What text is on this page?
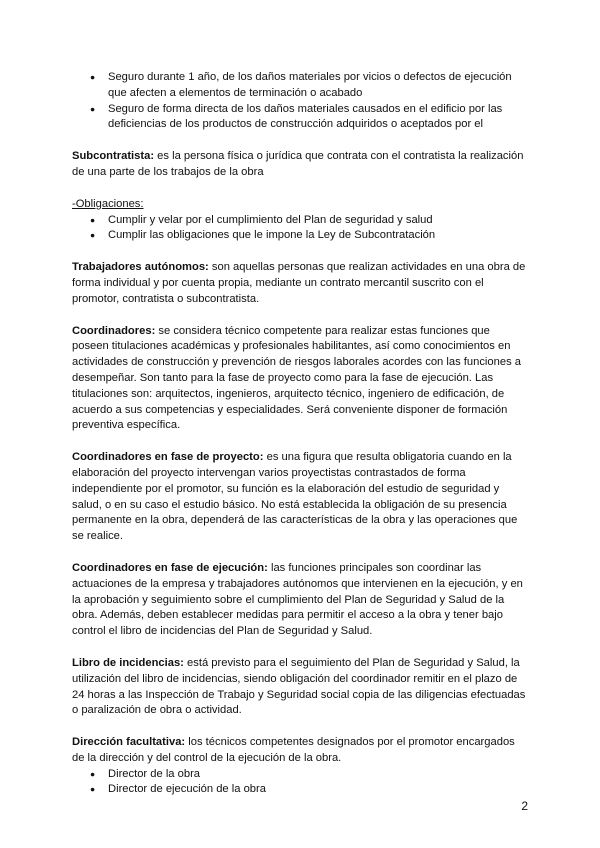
● Seguro durante 1 año, de los daños materiales por vicios o defectos de ejecución que afecten a elementos de terminación o acabado
● Seguro de forma directa de los daños materiales causados en el edificio por las deficiencias de los productos de construcción adquiridos o aceptados por el

Subcontratista: es la persona física o jurídica que contrata con el contratista la realización de una parte de los trabajos de la obra

-Obligaciones:

● Cumplir y velar por el cumplimiento del Plan de seguridad y salud
● Cumplir las obligaciones que le impone la Ley de Subcontratación

Trabajadores autónomos: son aquellas personas que realizan actividades en una obra de forma individual y por cuenta propia, mediante un contrato mercantil suscrito con el promotor, contratista o subcontratista.

Coordinadores: se considera técnico competente para realizar estas funciones que poseen titulaciones académicas y profesionales habilitantes, así como conocimientos en actividades de construcción y prevención de riesgos laborales acordes con las funciones a desempeñar. Son tanto para la fase de proyecto como para la fase de ejecución. Las titulaciones son: arquitectos, ingenieros, arquitecto técnico, ingeniero de edificación, de acuerdo a sus competencias y especialidades. Será conveniente disponer de formación preventiva específica.

Coordinadores en fase de proyecto: es una figura que resulta obligatoria cuando en la elaboración del proyecto intervengan varios proyectistas contrastados de forma independiente por el promotor, su función es la elaboración del estudio de seguridad y salud, o en su caso el estudio básico. No está establecida la obligación de su presencia permanente en la obra, dependerá de las características de la obra y las operaciones que se realice.

Coordinadores en fase de ejecución: las funciones principales son coordinar las actuaciones de la empresa y trabajadores autónomos que intervienen en la ejecución, y en la aprobación y seguimiento sobre el cumplimiento del Plan de Seguridad y Salud de la obra. Además, deben establecer medidas para permitir el acceso a la obra y tener bajo control el libro de incidencias del Plan de Seguridad y Salud.

Libro de incidencias: está previsto para el seguimiento del Plan de Seguridad y Salud, la utilización del libro de incidencias, siendo obligación del coordinador remitir en el plazo de 24 horas a las Inspección de Trabajo y Seguridad social copia de las diligencias efectuadas o paralización de obra o actividad.

Dirección facultativa: los técnicos competentes designados por el promotor encargados de la dirección y del control de la ejecución de la obra.

● Director de la obra
● Director de ejecución de la obra
2
